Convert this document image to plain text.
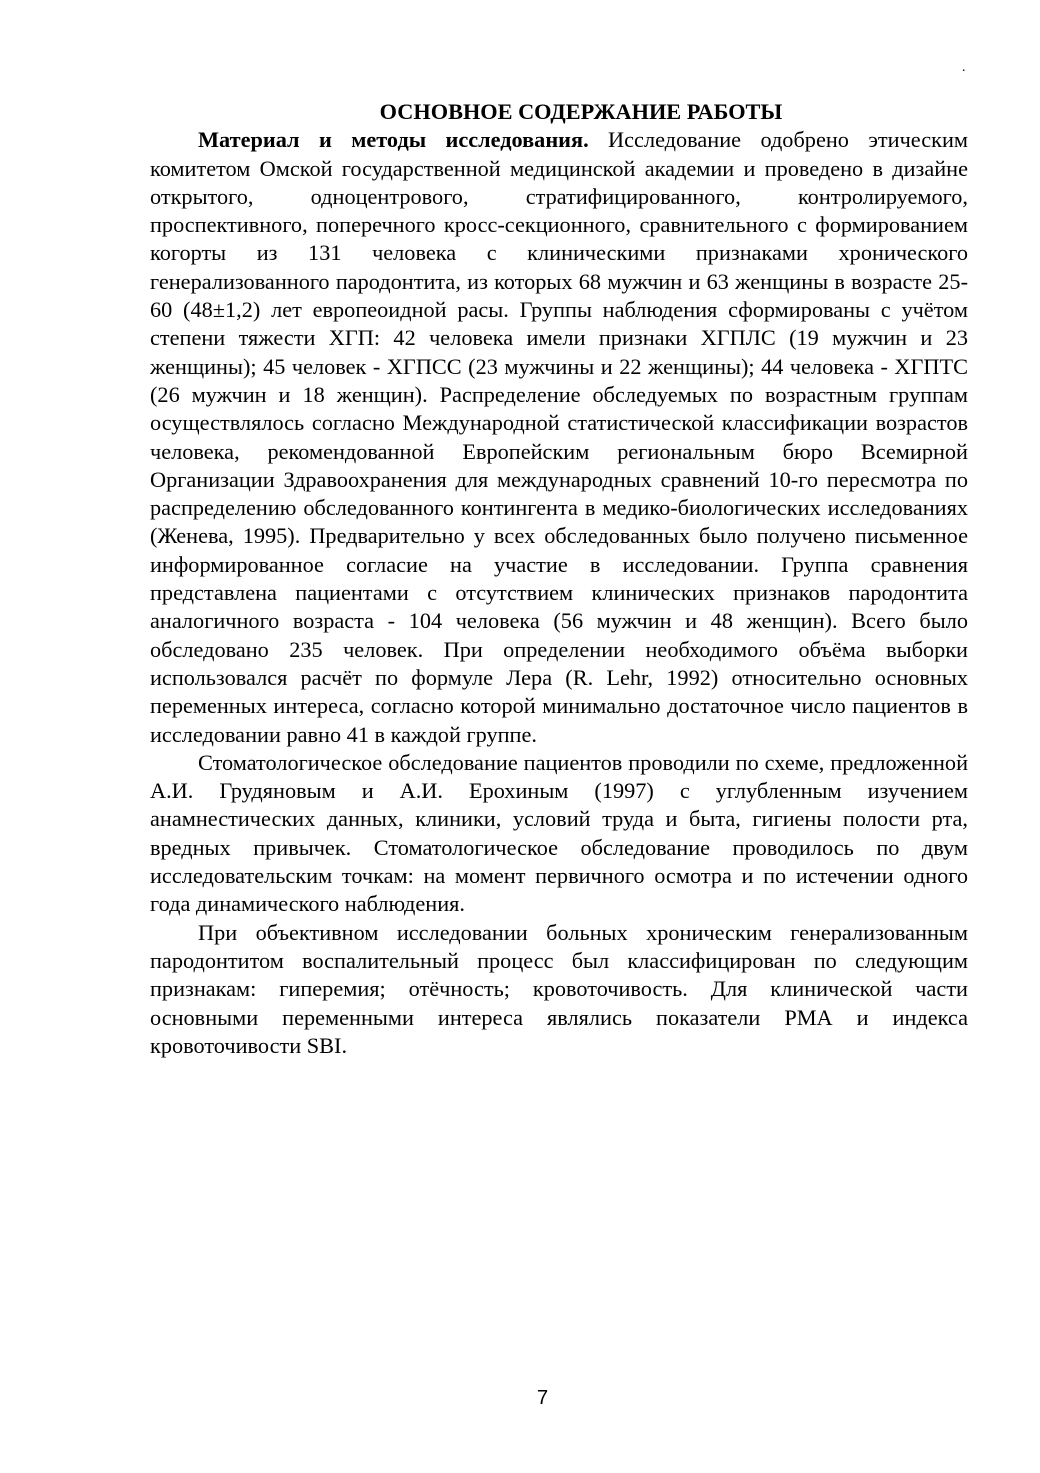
·

ОСНОВНОЕ СОДЕРЖАНИЕ РАБОТЫ

Материал и методы исследования. Исследование одобрено этическим комитетом Омской государственной медицинской академии и проведено в дизайне открытого, одноцентрового, стратифицированного, контролируемого, проспективного, поперечного кросс-секционного, сравнительного с формированием когорты из 131 человека с клиническими признаками хронического генерализованного пародонтита, из которых 68 мужчин и 63 женщины в возрасте 25-60 (48±1,2) лет европеоидной расы. Группы наблюдения сформированы с учётом степени тяжести ХГП: 42 человека имели признаки ХГПЛС (19 мужчин и 23 женщины); 45 человек - ХГПСС (23 мужчины и 22 женщины); 44 человека - ХГПТС (26 мужчин и 18 женщин). Распределение обследуемых по возрастным группам осуществлялось согласно Международной статистической классификации возрастов человека, рекомендованной Европейским региональным бюро Всемирной Организации Здравоохранения для международных сравнений 10-го пересмотра по распределению обследованного контингента в медико-биологических исследованиях (Женева, 1995). Предварительно у всех обследованных было получено письменное информированное согласие на участие в исследовании. Группа сравнения представлена пациентами с отсутствием клинических признаков пародонтита аналогичного возраста - 104 человека (56 мужчин и 48 женщин). Всего было обследовано 235 человек. При определении необходимого объёма выборки использовался расчёт по формуле Лера (R. Lehr, 1992) относительно основных переменных интереса, согласно которой минимально достаточное число пациентов в исследовании равно 41 в каждой группе.

Стоматологическое обследование пациентов проводили по схеме, предложенной А.И. Грудяновым и А.И. Ерохиным (1997) с углубленным изучением анамнестических данных, клиники, условий труда и быта, гигиены полости рта, вредных привычек. Стоматологическое обследование проводилось по двум исследовательским точкам: на момент первичного осмотра и по истечении одного года динамического наблюдения.

При объективном исследовании больных хроническим генерализованным пародонтитом воспалительный процесс был классифицирован по следующим признакам: гиперемия; отёчность; кровоточивость. Для клинической части основными переменными интереса являлись показатели РМА и индекса кровоточивости SBI.

7
